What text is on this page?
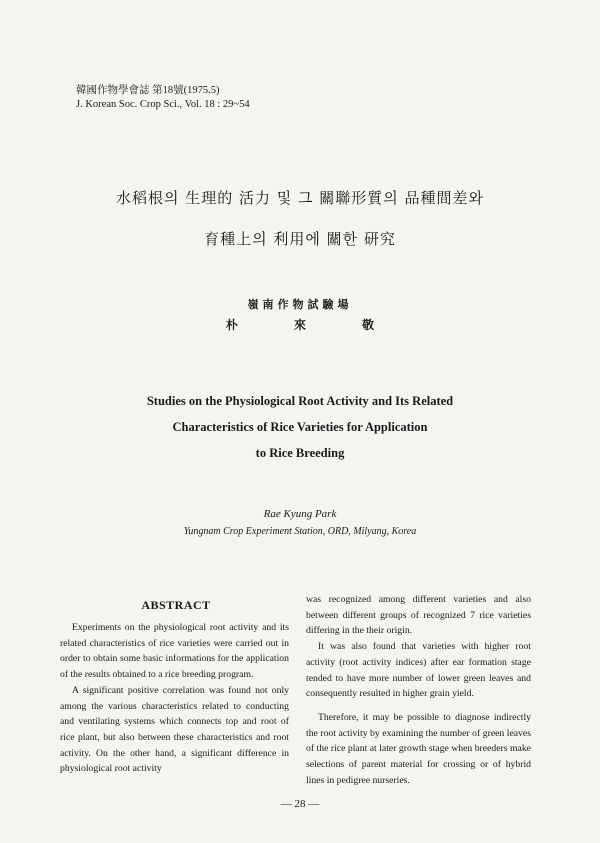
韓國作物學會誌 第18號(1975.5)
J. Korean Soc. Crop Sci., Vol. 18 : 29~54
水稻根의 生理的 活力 및 그 關聯形質의 品種間差와
育種上의 利用에 關한 研究
嶺南作物試驗場
朴 來 敬
Studies on the Physiological Root Activity and Its Related
Characteristics of Rice Varieties for Application
to Rice Breeding
Rae Kyung Park
Yungnam Crop Experiment Station, ORD, Milyang, Korea
ABSTRACT

Experiments on the physiological root activity and its related characteristics of rice varieties were carried out in order to obtain some basic informations for the application of the results obtained to a rice breeding program.

A significant positive correlation was found not only among the various characteristics related to conducting and ventilating systems which connects top and root of rice plant, but also between these characteristics and root activity. On the other hand, a significant difference in physiological root activity

was recognized among different varieties and also between different groups of recognized 7 rice varieties differing in the their origin.

It was also found that varieties with higher root activity (root activity indices) after ear formation stage tended to have more number of lower green leaves and consequently resulted in higher grain yield.

Therefore, it may be possible to diagnose indirectly the root activity by examining the number of green leaves of the rice plant at later growth stage when breeders make selections of parent material for crossing or of hybrid lines in pedigree nurseries.

— 28 —
